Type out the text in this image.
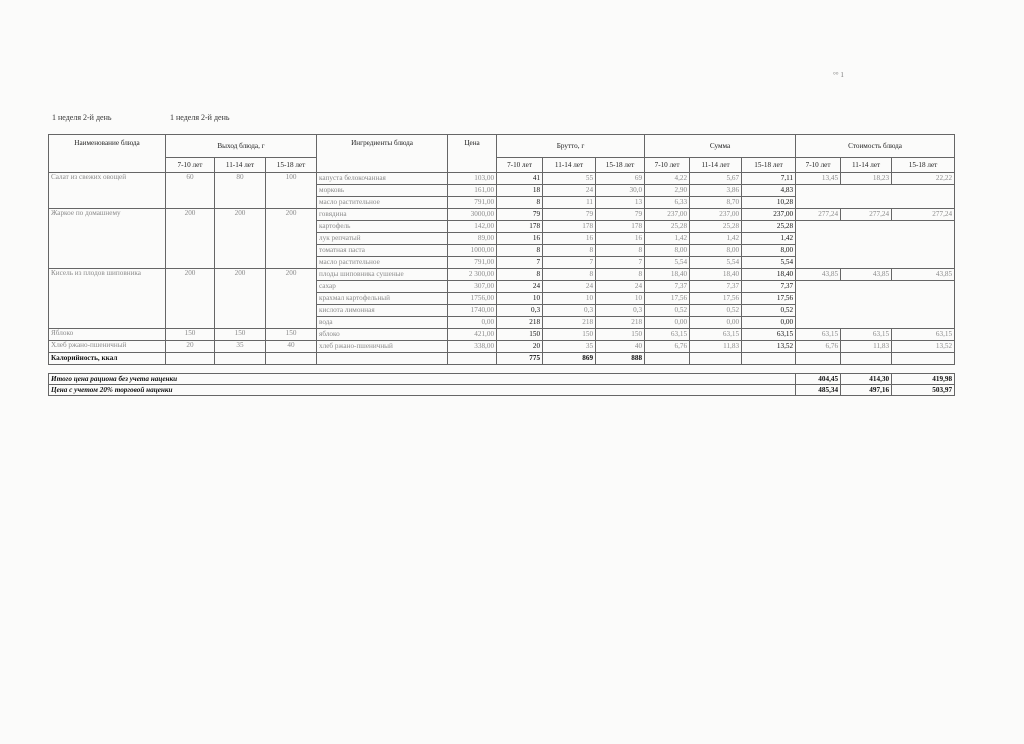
°° 1
1 неделя 2-й день	1 неделя 2-й день
Наименование блюда	Выход блюда, г			Ингредиенты блюда	Цена	Брутто, г			Сумма			Стоимость блюда		
	7-10 лет	11-14 лет	15-18 лет			7-10 лет	11-14 лет	15-18 лет	7-10 лет	11-14 лет	15-18 лет	7-10 лет	11-14 лет	15-18 лет
Салат из свежих овощей	60	80	100	капуста белокочанная	103,00	41	55	69	4,22	5,67	7,11	13,45	18,23	22,22
				морковь	161,00	18	24	30,0	2,90	3,86	4,83			
				масло растительное	791,00	8	11	13	6,33	8,70	10,28			
Жаркое по домашнему	200	200	200	говядина	3000,00	79	79	79	237,00	237,00	237,00	277,24	277,24	277,24
				картофель	142,00	178	178	178	25,28	25,28	25,28			
				лук репчатый	89,00	16	16	16	1,42	1,42	1,42			
				томатная паста	1000,00	8	8	8	8,00	8,00	8,00			
				масло растительное	791,00	7	7	7	5,54	5,54	5,54			
Кисель из плодов шиповника	200	200	200	плоды шиповника сушеные	2 300,00	8	8	8	18,40	18,40	18,40	43,85	43,85	43,85
				сахар	307,00	24	24	24	7,37	7,37	7,37			
				крахмал картофельный	1756,00	10	10	10	17,56	17,56	17,56			
				кислота лимонная	1740,00	0,3	0,3	0,3	0,52	0,52	0,52			
				вода	0,00	218	218	218	0,00	0,00	0,00			
Яблоко	150	150	150	яблоко	421,00	150	150	150	63,15	63,15	63,15	63,15	63,15	63,15
Хлеб ржано-пшеничный	20	35	40	хлеб ржано-пшеничный	338,00	20	35	40	6,76	11,83	13,52	6,76	11,83	13,52
Калорийность, ккал						775	869	888						

Итого цена рациона без учета наценки												404,45	414,30	419,98
Цена с учетом 20% торговой наценки												485,34	497,16	503,97
